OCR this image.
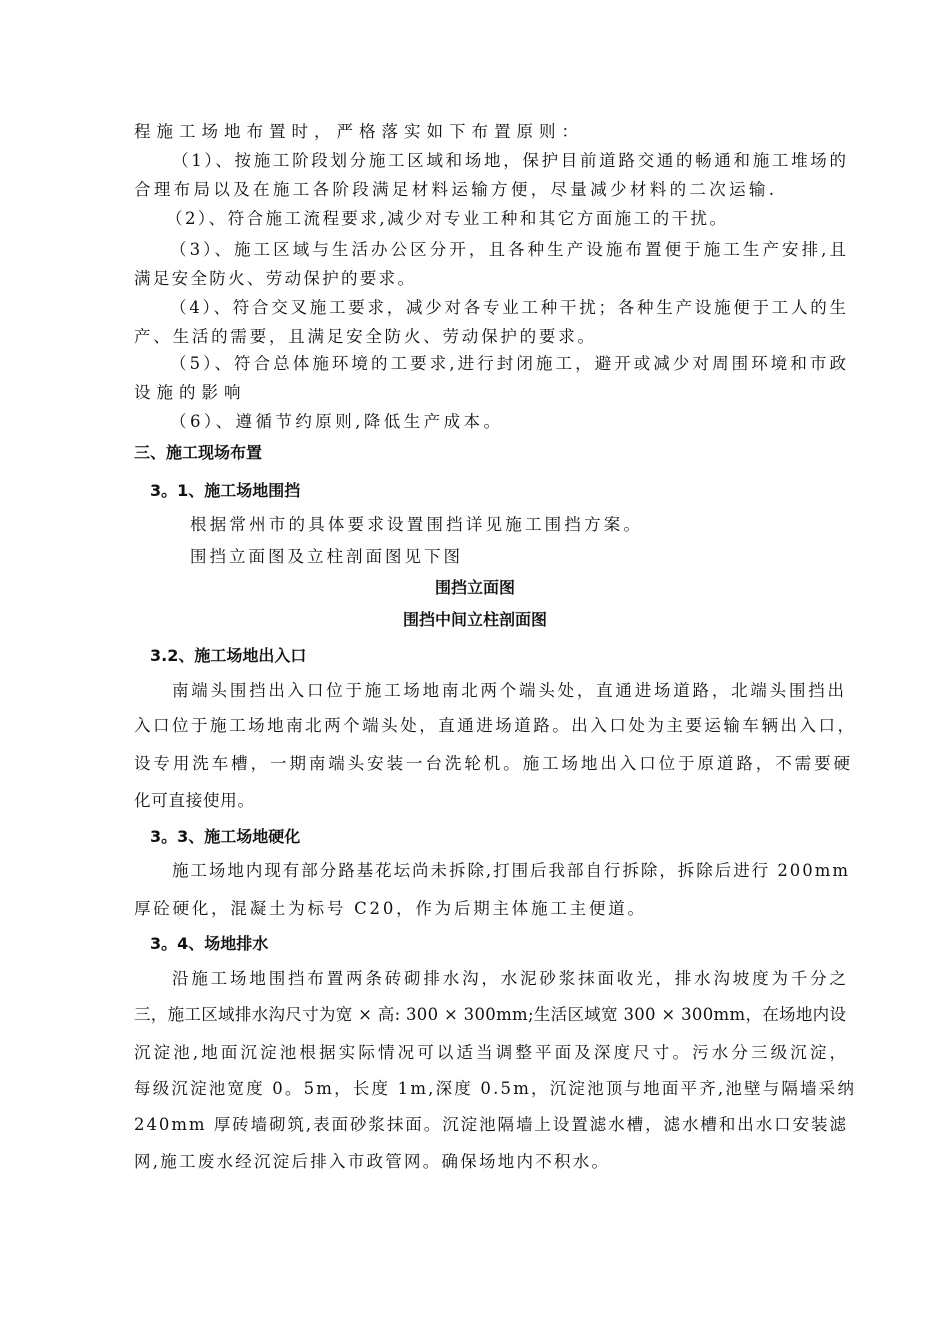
程施工场地布置时，严格落实如下布置原则：
（1）、按施工阶段划分施工区域和场地，保护目前道路交通的畅通和施工堆场的
合理布局以及在施工各阶段满足材料运输方便，尽量减少材料的二次运输.
（2）、符合施工流程要求,减少对专业工种和其它方面施工的干扰。
（3）、施工区域与生活办公区分开，且各种生产设施布置便于施工生产安排,且
满足安全防火、劳动保护的要求。
（4）、符合交叉施工要求，减少对各专业工种干扰；各种生产设施便于工人的生
产、生活的需要，且满足安全防火、劳动保护的要求。
（5）、符合总体施环境的工要求,进行封闭施工，避开或减少对周围环境和市政
设施的影响
（6）、遵循节约原则,降低生产成本。
三、施工现场布置
3。1、施工场地围挡
根据常州市的具体要求设置围挡详见施工围挡方案。
围挡立面图及立柱剖面图见下图
围挡立面图
围挡中间立柱剖面图
3.2、施工场地出入口
南端头围挡出入口位于施工场地南北两个端头处，直通进场道路，北端头围挡出
入口位于施工场地南北两个端头处，直通进场道路。出入口处为主要运输车辆出入口，
设专用洗车槽，一期南端头安装一台洗轮机。施工场地出入口位于原道路，不需要硬
化可直接使用。
3。3、施工场地硬化
施工场地内现有部分路基花坛尚未拆除,打围后我部自行拆除，拆除后进行 200mm
厚砼硬化，混凝土为标号 C20，作为后期主体施工主便道。
3。4、场地排水
沿施工场地围挡布置两条砖砌排水沟，水泥砂浆抹面收光，排水沟坡度为千分之
三，施工区域排水沟尺寸为宽 × 高: 300 × 300mm;生活区域宽 300 × 300mm，在场地内设
沉淀池,地面沉淀池根据实际情况可以适当调整平面及深度尺寸。污水分三级沉淀，
每级沉淀池宽度 0。5m，长度 1m,深度 0.5m，沉淀池顶与地面平齐,池壁与隔墙采纳
240mm 厚砖墙砌筑,表面砂浆抹面。沉淀池隔墙上设置滤水槽，滤水槽和出水口安装滤
网,施工废水经沉淀后排入市政管网。确保场地内不积水。
